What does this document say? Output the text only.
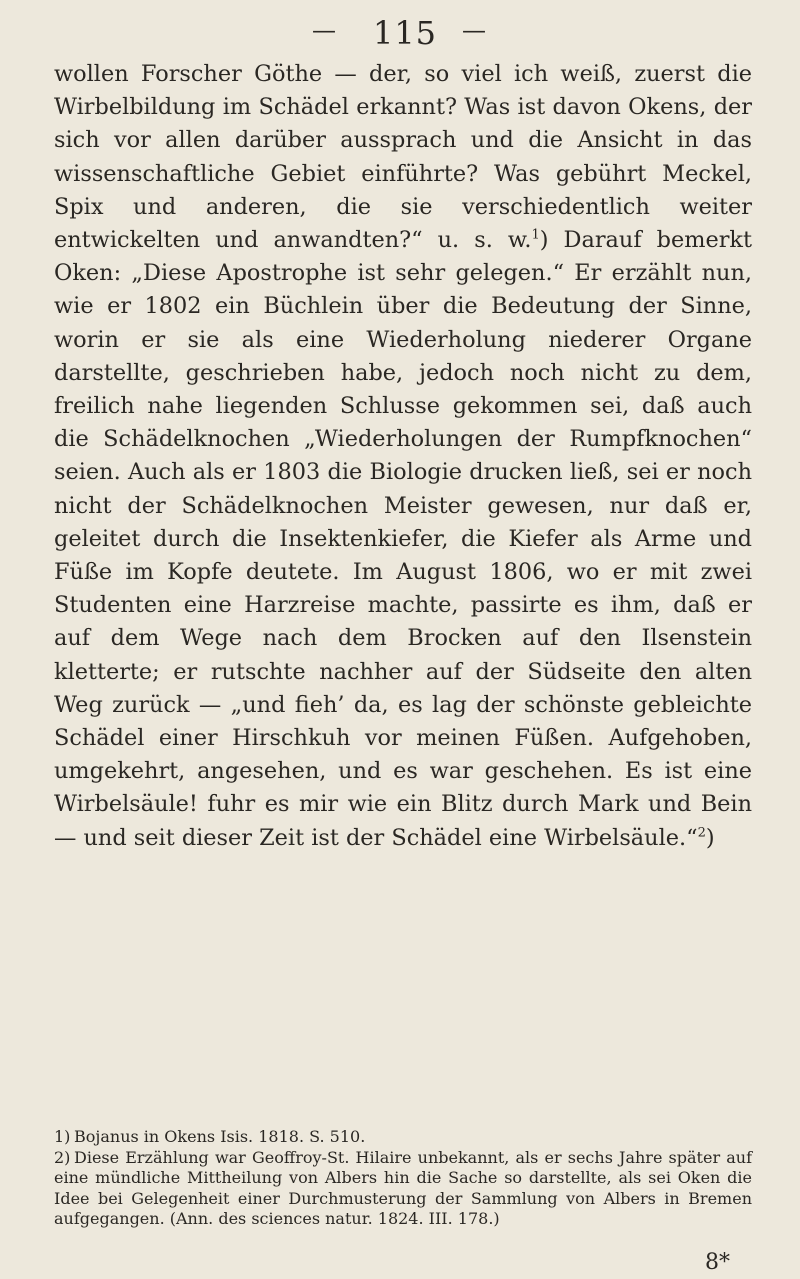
—	115	—

wollen Forscher Göthe — der, so viel ich weiß, zuerst die Wirbelbildung im Schädel erkannt? Was ist davon Okens, der sich vor allen darüber aussprach und die Ansicht in das wissenschaftliche Gebiet einführte? Was gebührt Meckel, Spix und anderen, die sie verschiedentlich weiter entwickelten und anwandten?“ u. s. w.$^1$) Darauf bemerkt Oken: „Diese Apostrophe ist sehr gelegen.“ Er erzählt nun, wie er 1802 ein Büchlein über die Bedeutung der Sinne, worin er sie als eine Wiederholung niederer Organe darstellte, geschrieben habe, jedoch noch nicht zu dem, freilich nahe liegenden Schlusse gekommen sei, daß auch die Schädelknochen „Wiederholungen der Rumpfknochen“ seien. Auch als er 1803 die Biologie drucken ließ, sei er noch nicht der Schädelknochen Meister gewesen, nur daß er, geleitet durch die Insektenkiefer, die Kiefer als Arme und Füße im Kopfe deutete. Im August 1806, wo er mit zwei Studenten eine Harzreise machte, passirte es ihm, daß er auf dem Wege nach dem Brocken auf den Ilsenstein kletterte; er rutschte nachher auf der Südseite den alten Weg zurück — „und fieh’ da, es lag der schönste gebleichte Schädel einer Hirschkuh vor meinen Füßen. Aufgehoben, umgekehrt, angesehen, und es war geschehen. Es ist eine Wirbelsäule! fuhr es mir wie ein Blitz durch Mark und Bein — und seit dieser Zeit ist der Schädel eine Wirbelsäule.“$^2$)

1) Bojanus in Okens Isis. 1818. S. 510.

2) Diese Erzählung war Geoffroy-St. Hilaire unbekannt, als er sechs Jahre später auf eine mündliche Mittheilung von Albers hin die Sache so darstellte, als sei Oken die Idee bei Gelegenheit einer Durchmusterung der Sammlung von Albers in Bremen aufgegangen. (Ann. des sciences natur. 1824. III. 178.)

8*
